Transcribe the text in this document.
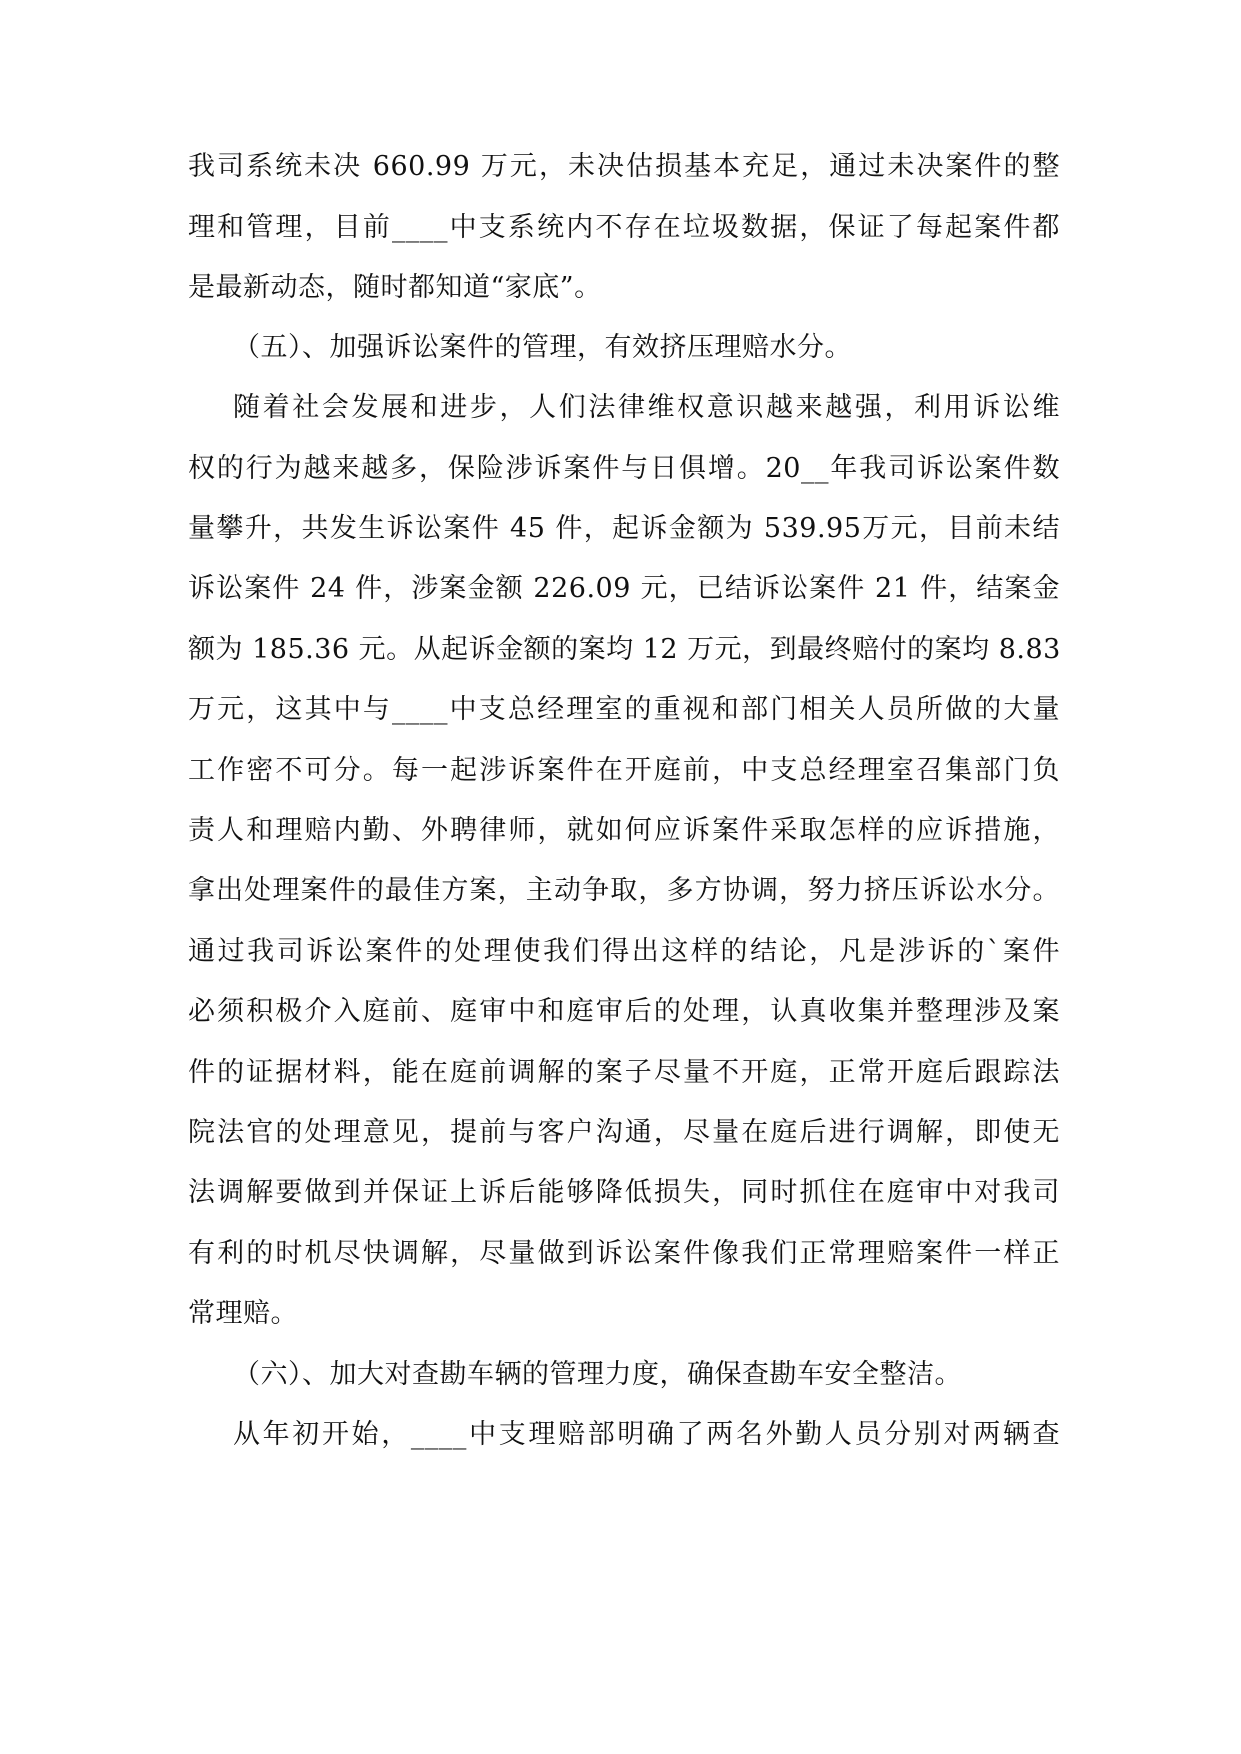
我司系统未决 660.99 万元，未决估损基本充足，通过未决案件的整
理和管理，目前____中支系统内不存在垃圾数据，保证了每起案件都
是最新动态，随时都知道“家底”。
（五）、加强诉讼案件的管理，有效挤压理赔水分。
随着社会发展和进步，人们法律维权意识越来越强，利用诉讼维
权的行为越来越多，保险涉诉案件与日俱增。20__年我司诉讼案件数
量攀升，共发生诉讼案件 45 件，起诉金额为 539.95万元，目前未结
诉讼案件 24 件，涉案金额 226.09 元，已结诉讼案件 21 件，结案金
额为 185.36 元。从起诉金额的案均 12 万元，到最终赔付的案均 8.83
万元，这其中与____中支总经理室的重视和部门相关人员所做的大量
工作密不可分。每一起涉诉案件在开庭前，中支总经理室召集部门负
责人和理赔内勤、外聘律师，就如何应诉案件采取怎样的应诉措施，
拿出处理案件的最佳方案，主动争取，多方协调，努力挤压诉讼水分。
通过我司诉讼案件的处理使我们得出这样的结论，凡是涉诉的`案件
必须积极介入庭前、庭审中和庭审后的处理，认真收集并整理涉及案
件的证据材料，能在庭前调解的案子尽量不开庭，正常开庭后跟踪法
院法官的处理意见，提前与客户沟通，尽量在庭后进行调解，即使无
法调解要做到并保证上诉后能够降低损失，同时抓住在庭审中对我司
有利的时机尽快调解，尽量做到诉讼案件像我们正常理赔案件一样正
常理赔。
（六）、加大对查勘车辆的管理力度，确保查勘车安全整洁。
从年初开始，____中支理赔部明确了两名外勤人员分别对两辆查
